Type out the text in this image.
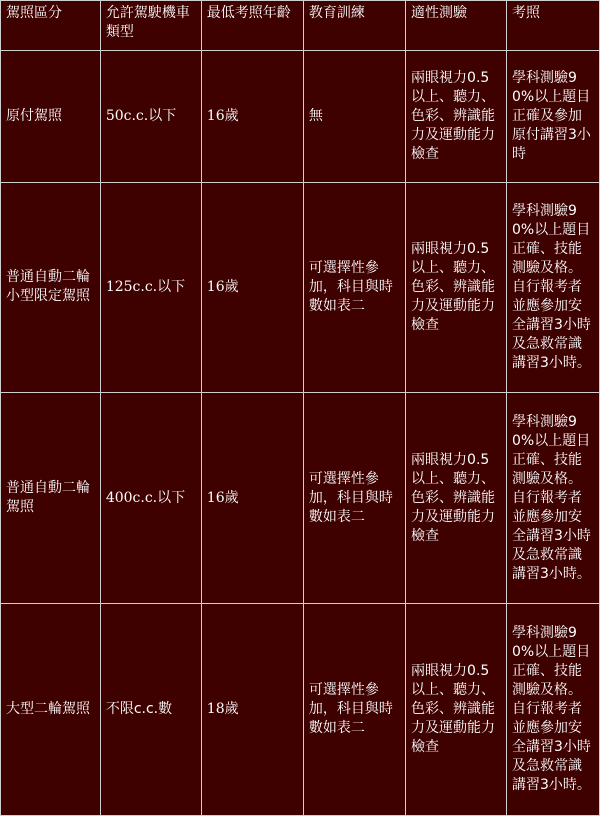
駕照區分	允許駕駛機車類型	最低考照年齡	教育訓練	適性測驗	考照
原付駕照	50c.c.以下	16歲	無	兩眼視力0.5以上、聽力、色彩、辨識能力及運動能力檢查	學科測驗90%以上題目正確及參加原付講習3小時
普通自動二輪小型限定駕照	125c.c.以下	16歲	可選擇性參加，科目與時數如表二	兩眼視力0.5以上、聽力、色彩、辨識能力及運動能力檢查	學科測驗90%以上題目正確、技能測驗及格。自行報考者並應參加安全講習3小時及急救常識講習3小時。
普通自動二輪駕照	400c.c.以下	16歲	可選擇性參加，科目與時數如表二	兩眼視力0.5以上、聽力、色彩、辨識能力及運動能力檢查	學科測驗90%以上題目正確、技能測驗及格。自行報考者並應參加安全講習3小時及急救常識講習3小時。
大型二輪駕照	不限c.c.數	18歲	可選擇性參加，科目與時數如表二	兩眼視力0.5以上、聽力、色彩、辨識能力及運動能力檢查	學科測驗90%以上題目正確、技能測驗及格。自行報考者並應參加安全講習3小時及急救常識講習3小時。
